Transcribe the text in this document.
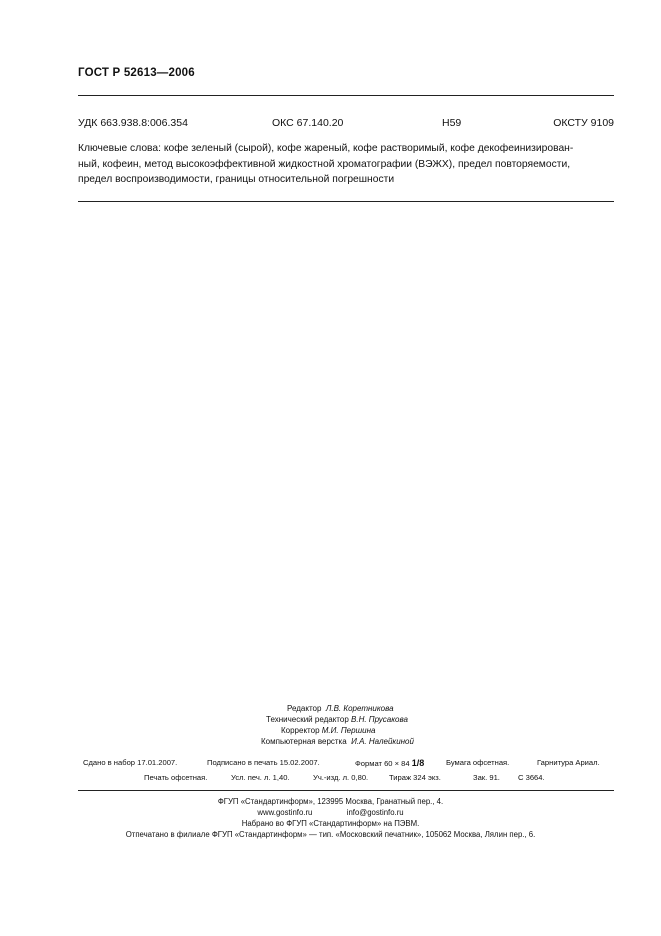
ГОСТ Р 52613—2006
УДК 663.938.8:006.354	ОКС 67.140.20	Н59	ОКСТУ 9109
Ключевые слова: кофе зеленый (сырой), кофе жареный, кофе растворимый, кофе декофеинизирован-
ный, кофеин, метод высокоэффективной жидкостной хроматографии (ВЭЖХ), предел повторяемости,
предел воспроизводимости, границы относительной погрешности
Редактор Л.В. Коретникова
Технический редактор В.Н. Прусакова
Корректор М.И. Першина
Компьютерная верстка И.А. Налейкиной
Сдано в набор 17.01.2007.	Подписано в печать 15.02.2007.	Формат 60 × 84 1/8	Бумага офсетная.	Гарнитура Ариал.
Печать офсетная.	Усл. печ. л. 1,40.	Уч.-изд. л. 0,80.	Тираж 324 экз.	Зак. 91. С 3664.
ФГУП «Стандартинформ», 123995 Москва, Гранатный пер., 4.
www.gostinfo.ru	info@gostinfo.ru
Набрано во ФГУП «Стандартинформ» на ПЭВМ.
Отпечатано в филиале ФГУП «Стандартинформ» — тип. «Московский печатник», 105062 Москва, Лялин пер., 6.
